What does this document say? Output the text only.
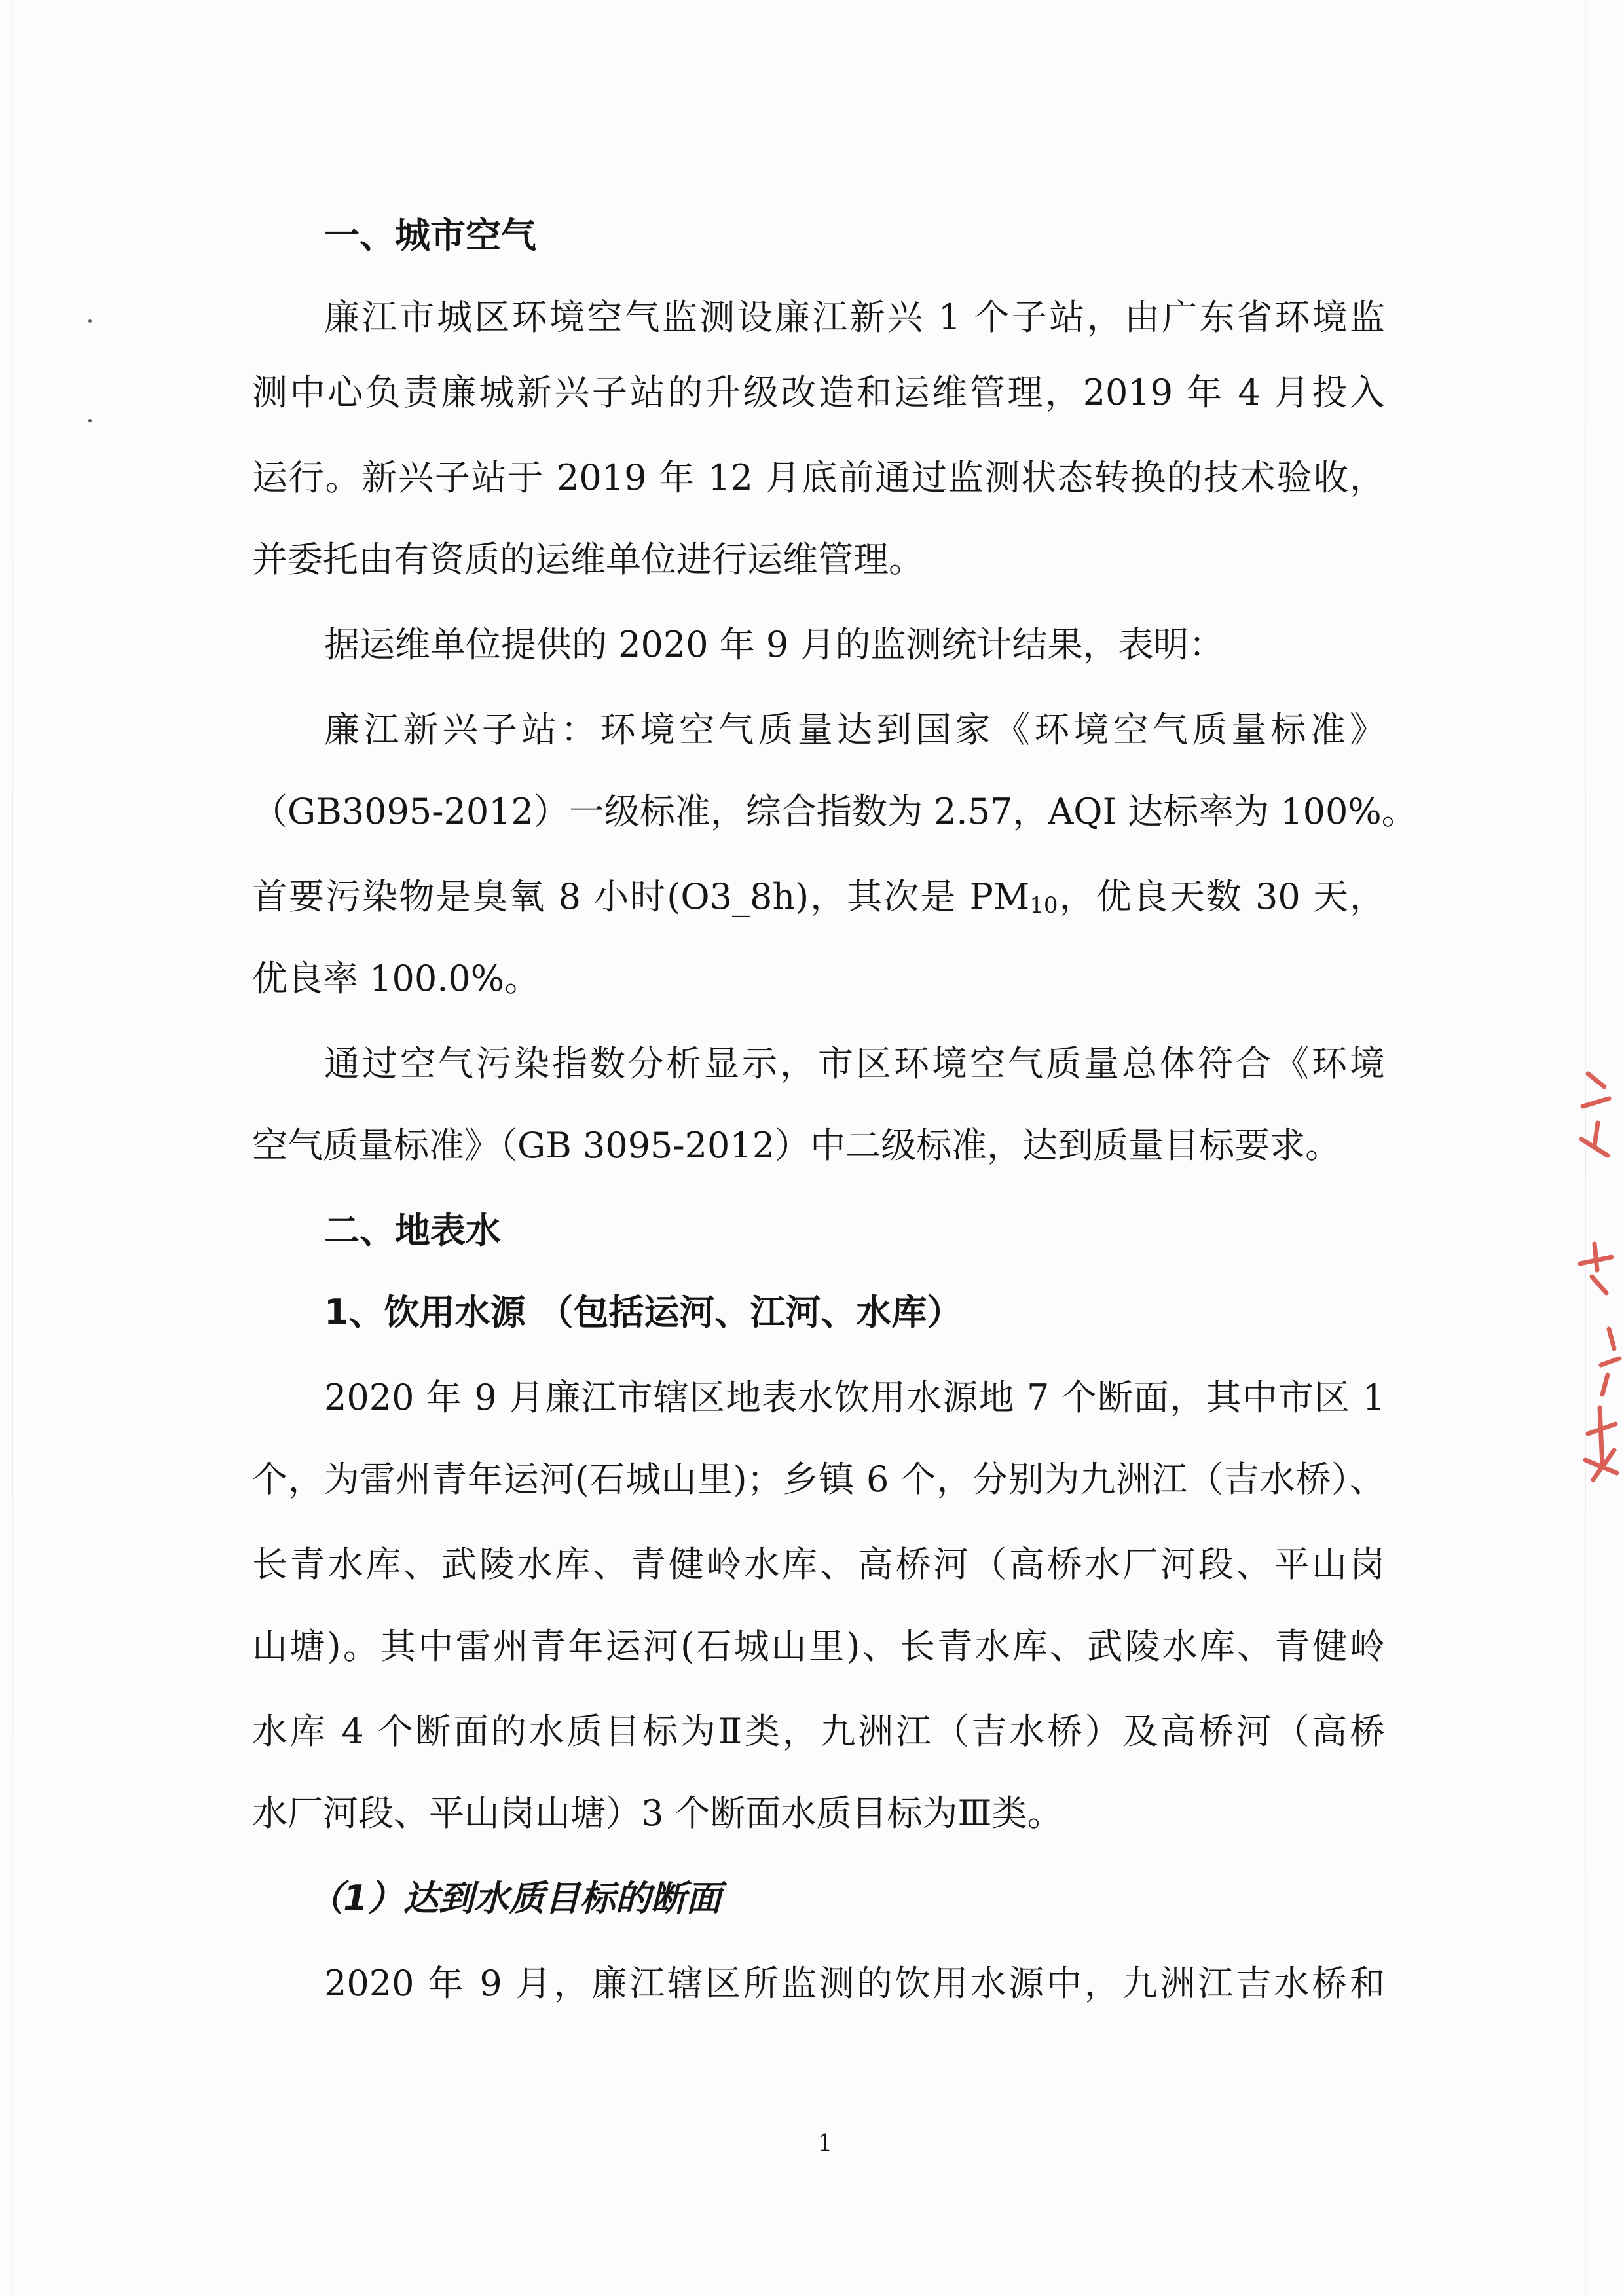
一、城市空气
廉江市城区环境空气监测设廉江新兴 1 个子站，由广东省环境监
测中心负责廉城新兴子站的升级改造和运维管理，2019 年 4 月投入
运行。新兴子站于 2019 年 12 月底前通过监测状态转换的技术验收，
并委托由有资质的运维单位进行运维管理。
据运维单位提供的 2020 年 9 月的监测统计结果，表明：
廉江新兴子站：环境空气质量达到国家《环境空气质量标准》
（GB3095-2012）一级标准，综合指数为 2.57，AQI 达标率为 100%。
首要污染物是臭氧 8 小时(O3_8h)，其次是 $PM_{10}$，优良天数 30 天，
优良率 100.0%。
通过空气污染指数分析显示，市区环境空气质量总体符合《环境
空气质量标准》（GB 3095-2012）中二级标准，达到质量目标要求。
二、地表水
1、饮用水源 （包括运河、江河、水库）
2020 年 9 月廉江市辖区地表水饮用水源地 7 个断面，其中市区 1
个，为雷州青年运河(石城山里)；乡镇 6 个，分别为九洲江（吉水桥）、
长青水库、武陵水库、青健岭水库、高桥河（高桥水厂河段、平山岗
山塘)。其中雷州青年运河(石城山里)、长青水库、武陵水库、青健岭
水库 4 个断面的水质目标为Ⅱ类，九洲江（吉水桥）及高桥河（高桥
水厂河段、平山岗山塘）3 个断面水质目标为Ⅲ类。
（1）达到水质目标的断面
2020 年 9 月，廉江辖区所监测的饮用水源中，九洲江吉水桥和
1
